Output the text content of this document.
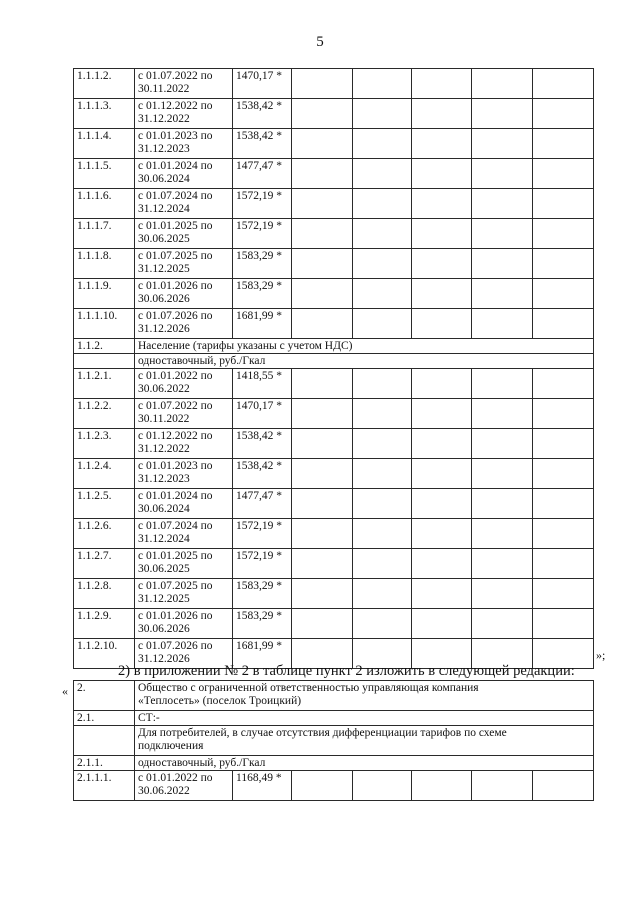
5
1.1.1.2.	с 01.07.2022 по
30.11.2022	1470,17 *					
1.1.1.3.	с 01.12.2022 по
31.12.2022	1538,42 *					
1.1.1.4.	с 01.01.2023 по
31.12.2023	1538,42 *					
1.1.1.5.	с 01.01.2024 по
30.06.2024	1477,47 *					
1.1.1.6.	с 01.07.2024 по
31.12.2024	1572,19 *					
1.1.1.7.	с 01.01.2025 по
30.06.2025	1572,19 *					
1.1.1.8.	с 01.07.2025 по
31.12.2025	1583,29 *					
1.1.1.9.	с 01.01.2026 по
30.06.2026	1583,29 *					
1.1.1.10.	с 01.07.2026 по
31.12.2026	1681,99 *					
1.1.2.	Население (тарифы указаны с учетом НДС)						
	одноставочный, руб./Гкал						
1.1.2.1.	с 01.01.2022 по
30.06.2022	1418,55 *					
1.1.2.2.	с 01.07.2022 по
30.11.2022	1470,17 *					
1.1.2.3.	с 01.12.2022 по
31.12.2022	1538,42 *					
1.1.2.4.	с 01.01.2023 по
31.12.2023	1538,42 *					
1.1.2.5.	с 01.01.2024 по
30.06.2024	1477,47 *					
1.1.2.6.	с 01.07.2024 по
31.12.2024	1572,19 *					
1.1.2.7.	с 01.01.2025 по
30.06.2025	1572,19 *					
1.1.2.8.	с 01.07.2025 по
31.12.2025	1583,29 *					
1.1.2.9.	с 01.01.2026 по
30.06.2026	1583,29 *					
1.1.2.10.	с 01.07.2026 по
31.12.2026	1681,99 *					
»;
2) в приложении № 2 в таблице пункт 2 изложить в следующей редакции:
« 2.	Общество с ограниченной ответственностью управляющая компания
«Теплосеть» (поселок Троицкий)						

2.1.	СТ:-						

	Для потребителей, в случае отсутствия дифференциации тарифов по схеме
подключения						

2.1.1.	одноставочный, руб./Гкал						
2.1.1.1.	с 01.01.2022 по
30.06.2022	1168,49 *					
